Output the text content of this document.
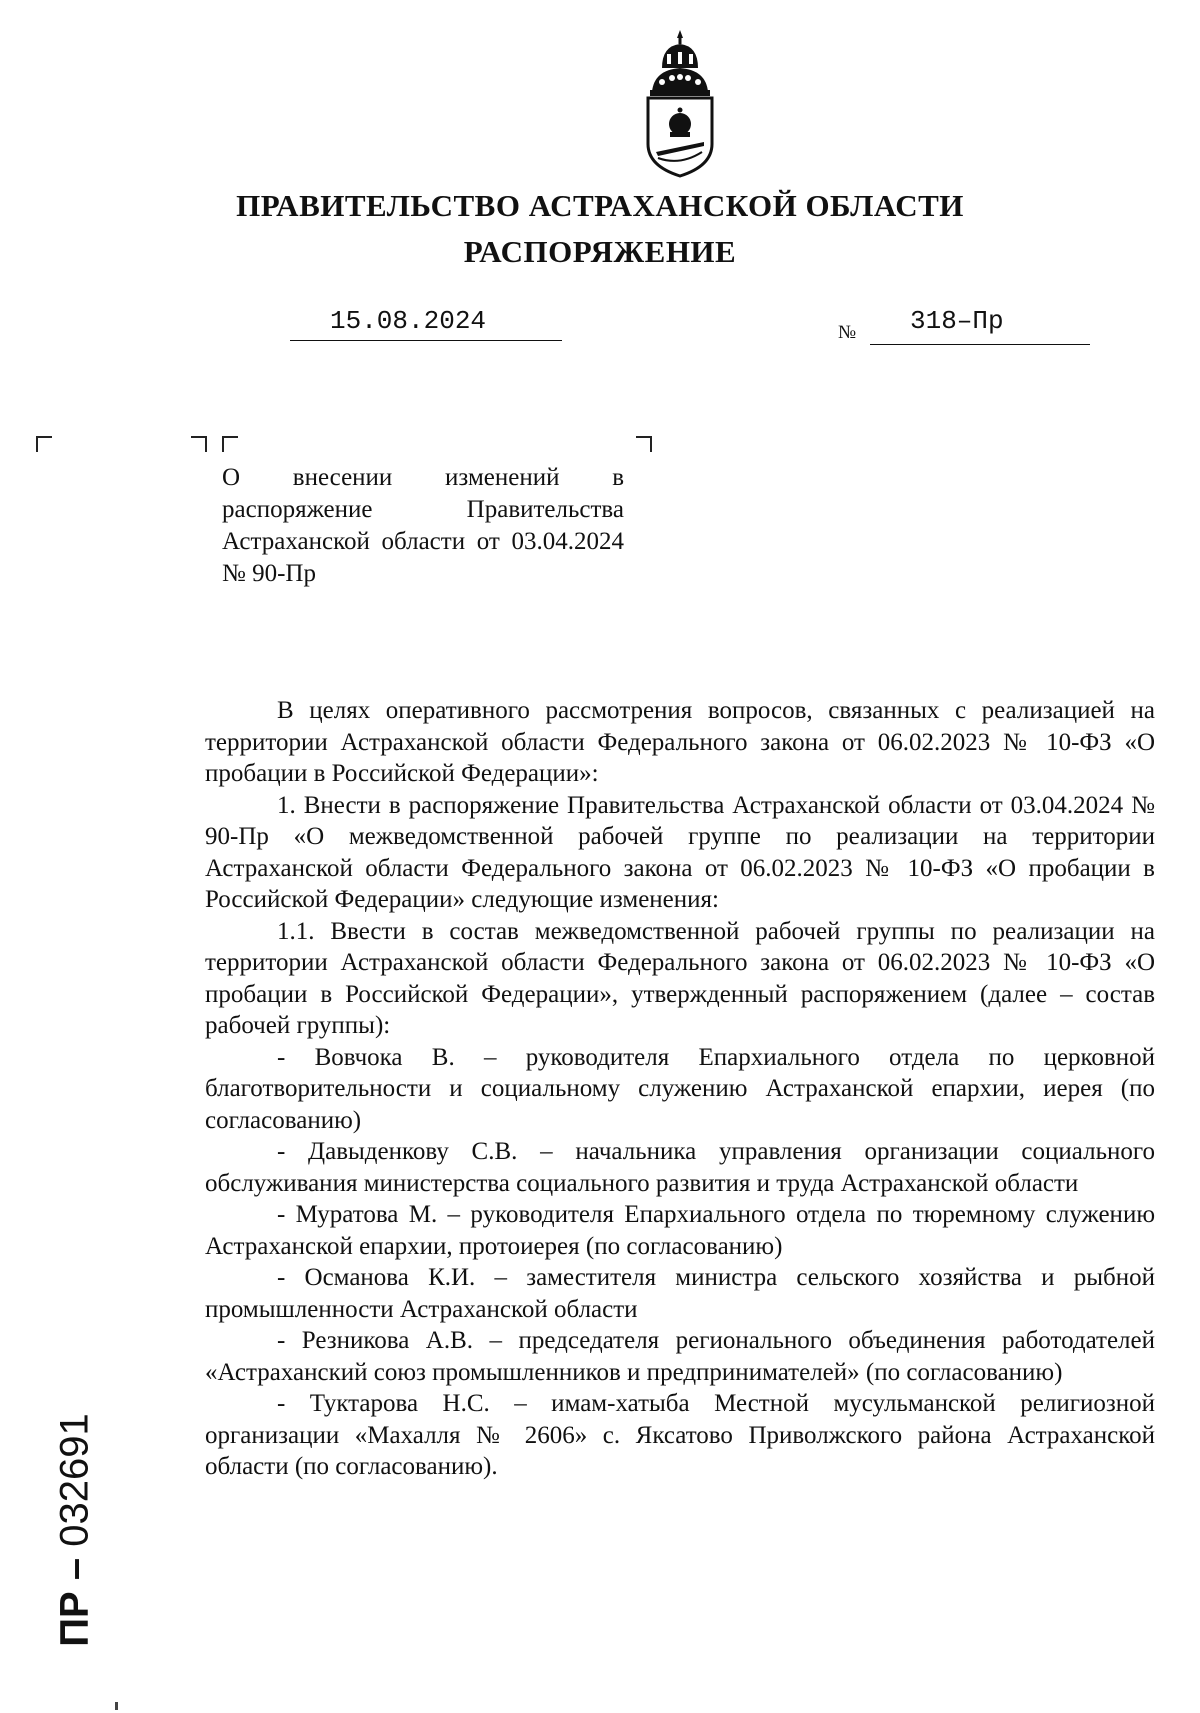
ПРАВИТЕЛЬСТВО АСТРАХАНСКОЙ ОБЛАСТИ
РАСПОРЯЖЕНИЕ
15.08.2024	№ 318–Пр

О внесении изменений в распоряжение Правительства Астраханской области от 03.04.2024 № 90-Пр

В целях оперативного рассмотрения вопросов, связанных с реализацией на территории Астраханской области Федерального закона от 06.02.2023 № 10-ФЗ «О пробации в Российской Федерации»:

1. Внести в распоряжение Правительства Астраханской области от 03.04.2024 № 90-Пр «О межведомственной рабочей группе по реализации на территории Астраханской области Федерального закона от 06.02.2023 № 10-ФЗ «О пробации в Российской Федерации» следующие изменения:

1.1. Ввести в состав межведомственной рабочей группы по реализации на территории Астраханской области Федерального закона от 06.02.2023 № 10-ФЗ «О пробации в Российской Федерации», утвержденный распоряжением (далее – состав рабочей группы):

- Вовчока В. – руководителя Епархиального отдела по церковной благотворительности и социальному служению Астраханской епархии, иерея (по согласованию)

- Давыденкову С.В. – начальника управления организации социального обслуживания министерства социального развития и труда Астраханской области

- Муратова М. – руководителя Епархиального отдела по тюремному служению Астраханской епархии, протоиерея (по согласованию)

- Османова К.И. – заместителя министра сельского хозяйства и рыбной промышленности Астраханской области

- Резникова А.В. – председателя регионального объединения работодателей «Астраханский союз промышленников и предпринимателей» (по согласованию)

- Туктарова Н.С. – имам-хатыба Местной мусульманской религиозной организации «Махалля № 2606» с. Яксатово Приволжского района Астраханской области (по согласованию).

ПР – 032691
